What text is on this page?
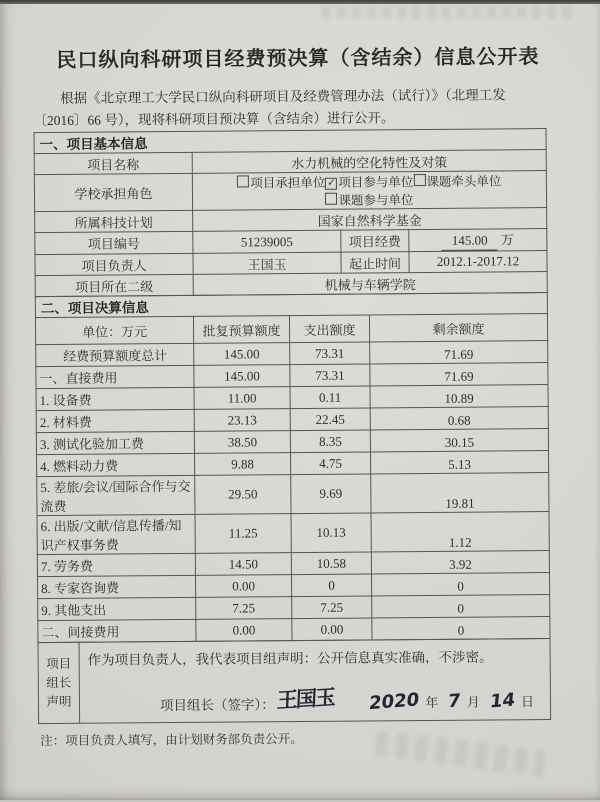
民口纵向科研项目经费预决算（含结余）信息公开表

根据《北京理工大学民口纵向科研项目及经费管理办法（试行）》（北理工发
〔2016〕66 号），现将科研项目预决算（含结余）进行公开。

一、项目基本信息			
项目名称	水力机械的空化特性及对策		
学校承担角色	项目承担单位 ✓ 项目参与单位 课题牵头单位课题参与单位		
所属科技计划	国家自然科学基金		
项目编号	51239005	项目经费	145.00 万
项目负责人	王国玉	起止时间	2012.1-2017.12
项目所在二级	机械与车辆学院		
二、项目决算信息			
单位：万元	批复预算额度	支出额度	剩余额度
经费预算额度总计	145.00	73.31	71.69
一、直接费用	145.00	73.31	71.69
1. 设备费	11.00	0.11	10.89
2. 材料费	23.13	22.45	0.68
3. 测试化验加工费	38.50	8.35	30.15
4. 燃料动力费	9.88	4.75	5.13
5. 差旅/会议/国际合作与交流费	29.50	9.69	19.81
6. 出版/文献/信息传播/知识产权事务费	11.25	10.13	1.12
7. 劳务费	14.50	10.58	3.92
8. 专家咨询费	0.00	0	0
9. 其他支出	7.25	7.25	0
二、间接费用	0.00	0.00	0
项目
组长
声明	
作为项目负责人，我代表项目组声明：公开信息真实准确，不涉密。
项目组长（签字）： 王国玉 2020 年 7 月 14 日

注：项目负责人填写，由计划财务部负责公开。
